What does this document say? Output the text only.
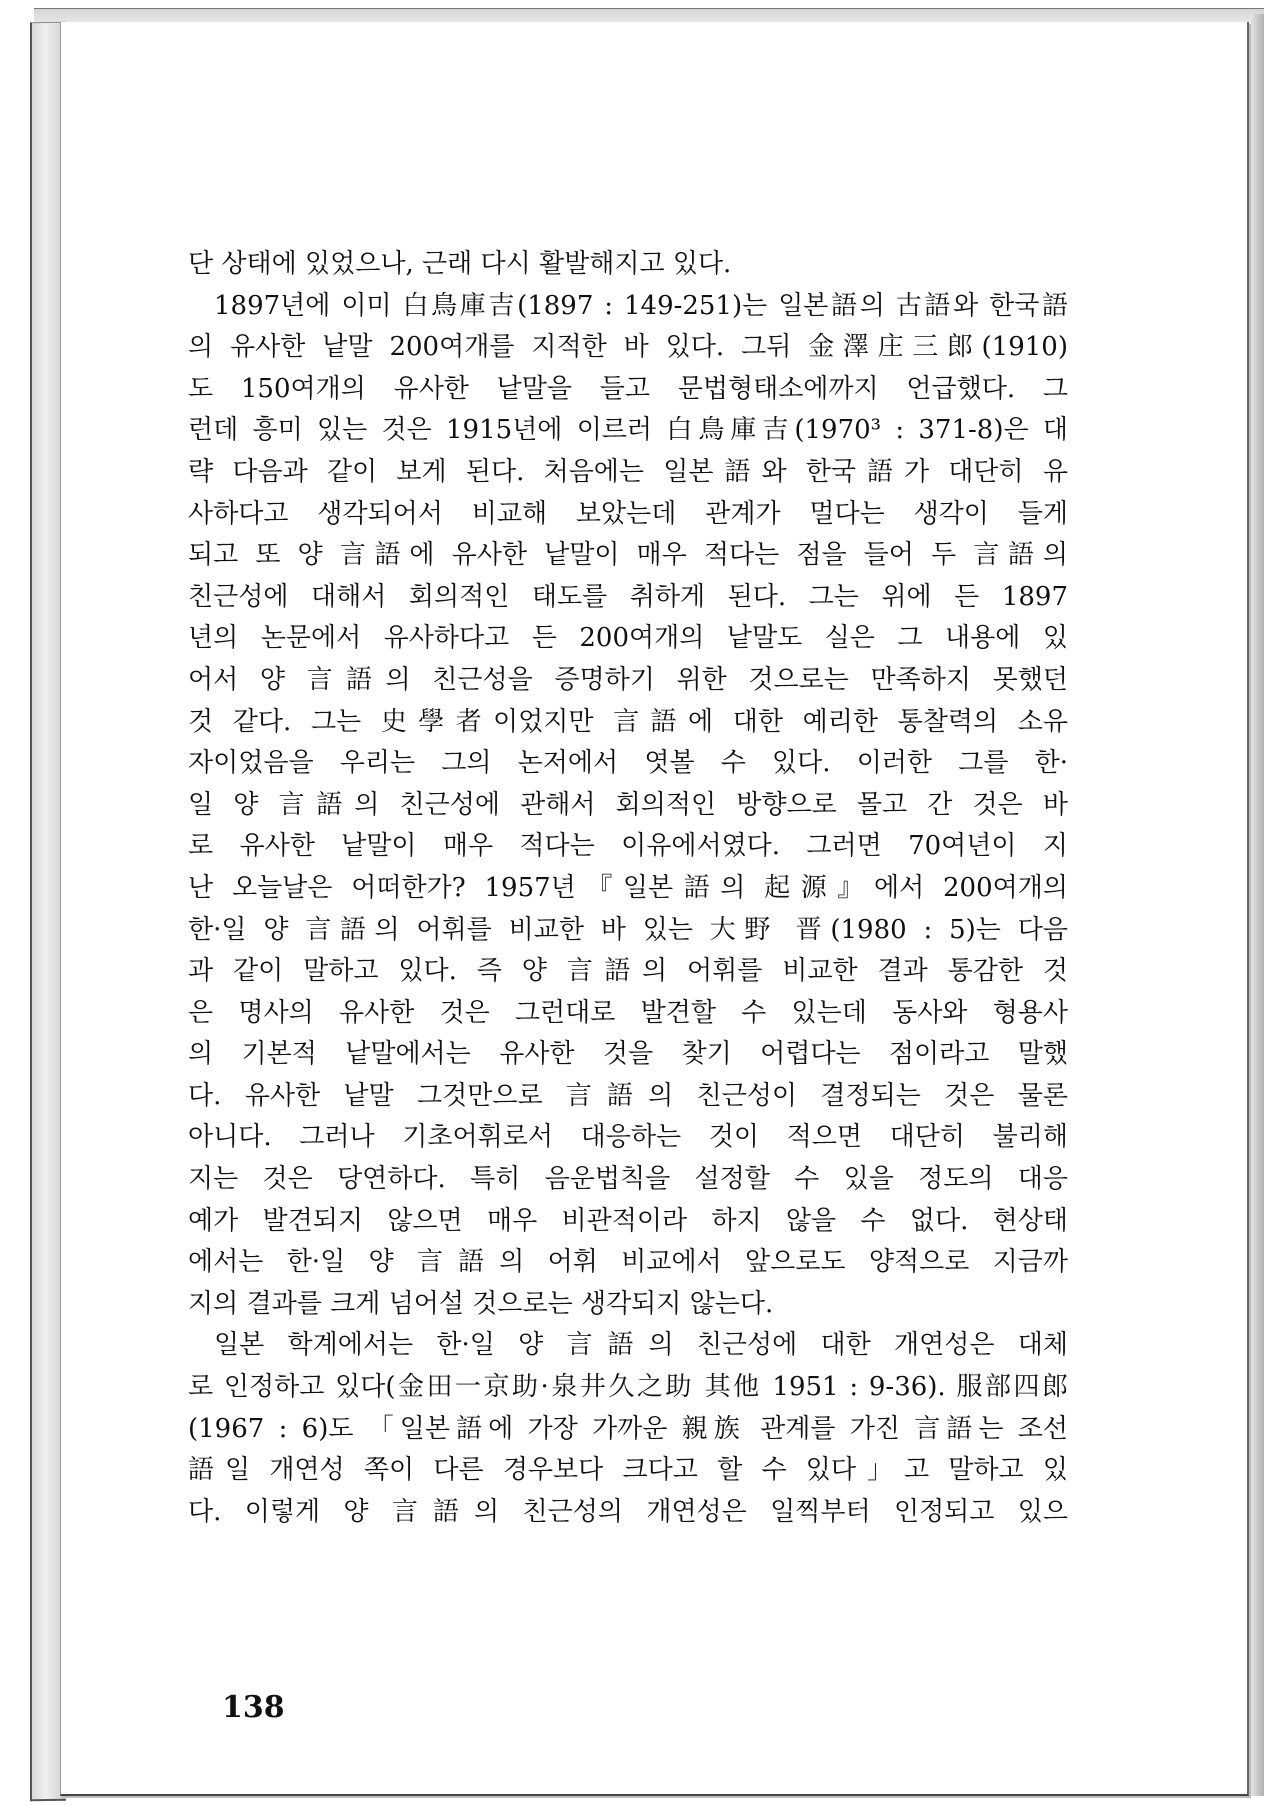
단 상태에 있었으나, 근래 다시 활발해지고 있다.
1897년에 이미 白鳥庫吉(1897 : 149-251)는 일본語의 古語와 한국語
의 유사한 낱말 200여개를 지적한 바 있다. 그뒤 金澤庄三郎(1910)
도 150여개의 유사한 낱말을 들고 문법형태소에까지 언급했다. 그
런데 흥미 있는 것은 1915년에 이르러 白鳥庫吉(1970³ : 371-8)은 대
략 다음과 같이 보게 된다. 처음에는 일본語와 한국語가 대단히 유
사하다고 생각되어서 비교해 보았는데 관계가 멀다는 생각이 들게
되고 또 양 言語에 유사한 낱말이 매우 적다는 점을 들어 두 言語의
친근성에 대해서 회의적인 태도를 취하게 된다. 그는 위에 든 1897
년의 논문에서 유사하다고 든 200여개의 낱말도 실은 그 내용에 있
어서 양 言語의 친근성을 증명하기 위한 것으로는 만족하지 못했던
것 같다. 그는 史學者이었지만 言語에 대한 예리한 통찰력의 소유
자이었음을 우리는 그의 논저에서 엿볼 수 있다. 이러한 그를 한·
일 양 言語의 친근성에 관해서 회의적인 방향으로 몰고 간 것은 바
로 유사한 낱말이 매우 적다는 이유에서였다. 그러면 70여년이 지
난 오늘날은 어떠한가? 1957년『일본語의 起源』에서 200여개의
한·일 양 言語의 어휘를 비교한 바 있는 大野 晋(1980 : 5)는 다음
과 같이 말하고 있다. 즉 양 言語의 어휘를 비교한 결과 통감한 것
은 명사의 유사한 것은 그런대로 발견할 수 있는데 동사와 형용사
의 기본적 낱말에서는 유사한 것을 찾기 어렵다는 점이라고 말했
다. 유사한 낱말 그것만으로 言語의 친근성이 결정되는 것은 물론
아니다. 그러나 기초어휘로서 대응하는 것이 적으면 대단히 불리해
지는 것은 당연하다. 특히 음운법칙을 설정할 수 있을 정도의 대응
예가 발견되지 않으면 매우 비관적이라 하지 않을 수 없다. 현상태
에서는 한·일 양 言語의 어휘 비교에서 앞으로도 양적으로 지금까
지의 결과를 크게 넘어설 것으로는 생각되지 않는다.
일본 학계에서는 한·일 양 言語의 친근성에 대한 개연성은 대체
로 인정하고 있다(金田一京助·泉井久之助 其他 1951 : 9-36). 服部四郎
(1967 : 6)도 「일본語에 가장 가까운 親族 관계를 가진 言語는 조선
語일 개연성 쪽이 다른 경우보다 크다고 할 수 있다」고 말하고 있
다. 이렇게 양 言語의 친근성의 개연성은 일찍부터 인정되고 있으
138
